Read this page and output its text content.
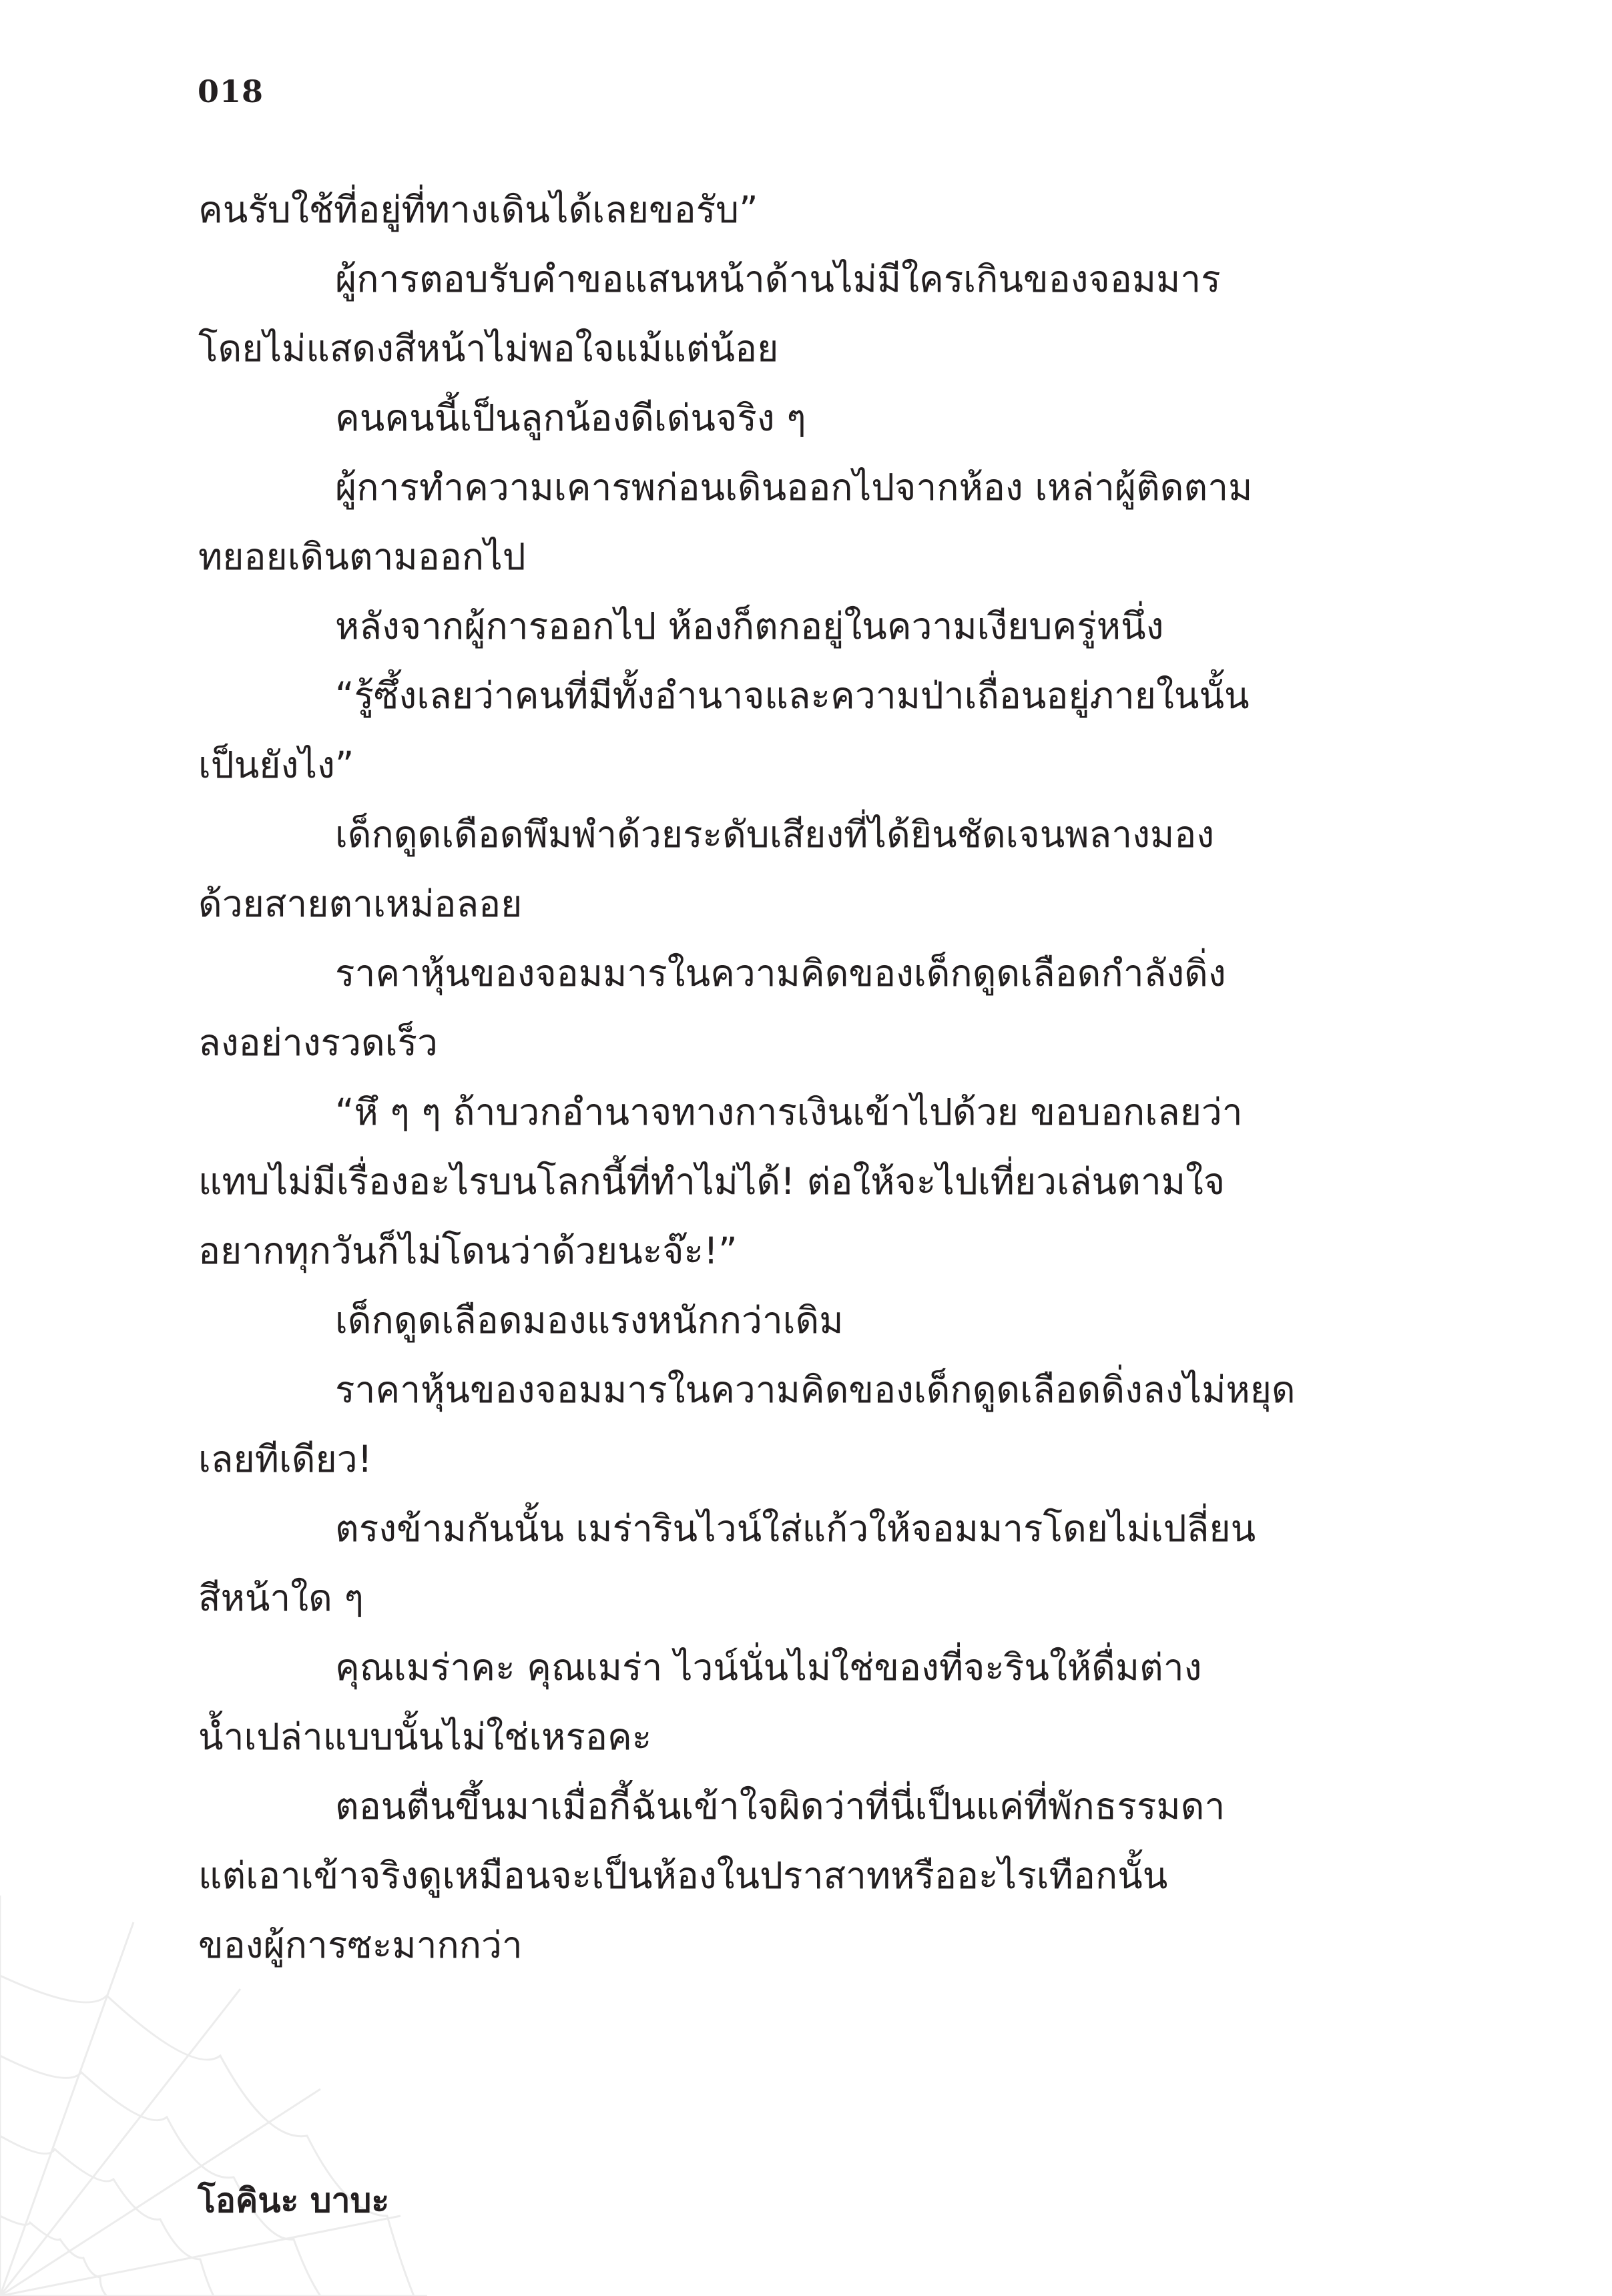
018
คนรับใช้ที่อยู่ที่ทางเดินได้เลยขอรับ”
ผู้การตอบรับคำขอแสนหน้าด้านไม่มีใครเกินของจอมมาร
โดยไม่แสดงสีหน้าไม่พอใจแม้แต่น้อย
คนคนนี้เป็นลูกน้องดีเด่นจริง ๆ
ผู้การทำความเคารพก่อนเดินออกไปจากห้อง เหล่าผู้ติดตาม
ทยอยเดินตามออกไป
หลังจากผู้การออกไป ห้องก็ตกอยู่ในความเงียบครู่หนึ่ง
“รู้ซึ้งเลยว่าคนที่มีทั้งอำนาจและความป่าเถื่อนอยู่ภายในนั้น
เป็นยังไง”
เด็กดูดเดือดพึมพำด้วยระดับเสียงที่ได้ยินชัดเจนพลางมอง
ด้วยสายตาเหม่อลอย
ราคาหุ้นของจอมมารในความคิดของเด็กดูดเลือดกำลังดิ่ง
ลงอย่างรวดเร็ว
“หึ ๆ ๆ ถ้าบวกอำนาจทางการเงินเข้าไปด้วย ขอบอกเลยว่า
แทบไม่มีเรื่องอะไรบนโลกนี้ที่ทำไม่ได้! ต่อให้จะไปเที่ยวเล่นตามใจ
อยากทุกวันก็ไม่โดนว่าด้วยนะจ๊ะ!”
เด็กดูดเลือดมองแรงหนักกว่าเดิม
ราคาหุ้นของจอมมารในความคิดของเด็กดูดเลือดดิ่งลงไม่หยุด
เลยทีเดียว!
ตรงข้ามกันนั้น เมร่ารินไวน์ใส่แก้วให้จอมมารโดยไม่เปลี่ยน
สีหน้าใด ๆ
คุณเมร่าคะ คุณเมร่า ไวน์นั่นไม่ใช่ของที่จะรินให้ดื่มต่าง
น้ำเปล่าแบบนั้นไม่ใช่เหรอคะ
ตอนตื่นขึ้นมาเมื่อกี้ฉันเข้าใจผิดว่าที่นี่เป็นแค่ที่พักธรรมดา
แต่เอาเข้าจริงดูเหมือนจะเป็นห้องในปราสาทหรืออะไรเทือกนั้น
ของผู้การซะมากกว่า
โอคินะ บาบะ
